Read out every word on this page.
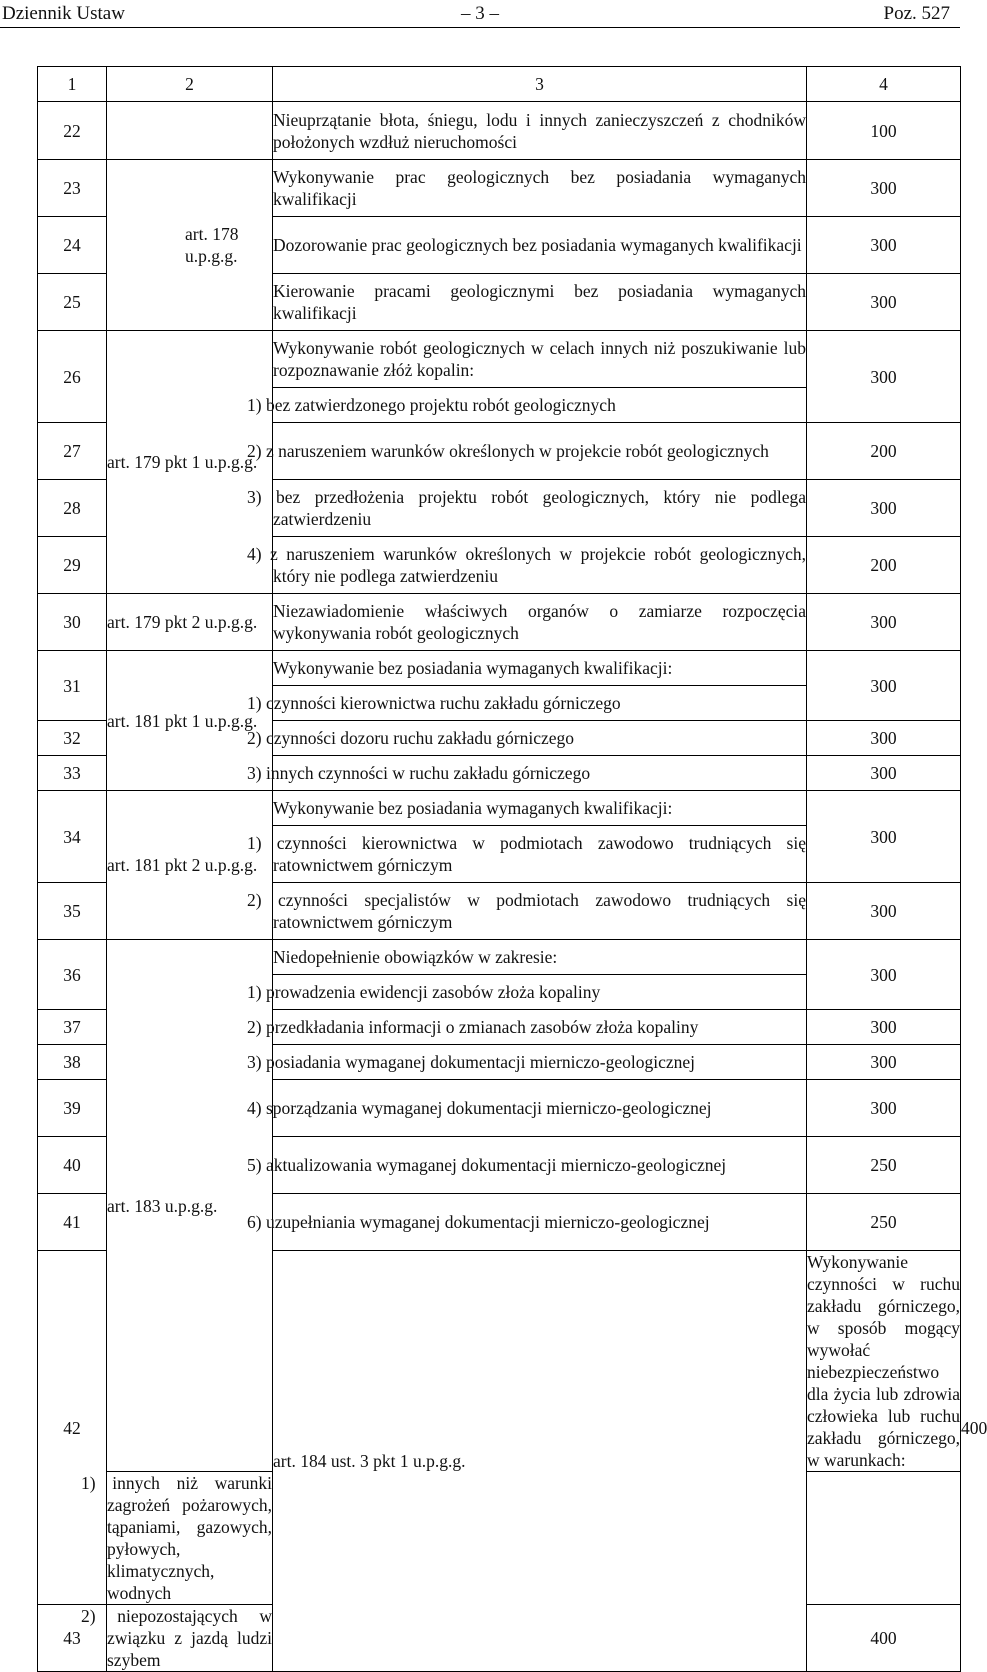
Dziennik Ustaw	– 3 –	Poz. 527
1	2	3	4	
22		Nieuprzątanie błota, śniegu, lodu i innych zanieczyszczeń z chodników położonych wzdłuż nieruchomości	100	
23	art. 178 u.p.g.g.	Wykonywanie prac geologicznych bez posiadania wymaganych kwalifikacji	300	
24		Dozorowanie prac geologicznych bez posiadania wymaganych kwalifikacji	300	
25		Kierowanie pracami geologicznymi bez posiadania wymaganych kwalifikacji	300	
26	art. 179 pkt 1 u.p.g.g.	Wykonywanie robót geologicznych w celach innych niż poszukiwanie lub rozpoznawanie złóż kopalin:	300	
		1) bez zatwierdzonego projektu robót geologicznych		
27		2) z naruszeniem warunków określonych w projekcie robót geologicznych	200	
28		3) bez przedłożenia projektu robót geologicznych, który nie podlega zatwierdzeniu	300	
29		4) z naruszeniem warunków określonych w projekcie robót geologicznych, który nie podlega zatwierdzeniu	200	
30	art. 179 pkt 2 u.p.g.g.	Niezawiadomienie właściwych organów o zamiarze rozpoczęcia wykonywania robót geologicznych	300	
31	art. 181 pkt 1 u.p.g.g.	Wykonywanie bez posiadania wymaganych kwalifikacji:	300	
		1) czynności kierownictwa ruchu zakładu górniczego		
32		2) czynności dozoru ruchu zakładu górniczego	300	
33		3) innych czynności w ruchu zakładu górniczego	300	
34	art. 181 pkt 2 u.p.g.g.	Wykonywanie bez posiadania wymaganych kwalifikacji:	300	
		1) czynności kierownictwa w podmiotach zawodowo trudniących się ratownictwem górniczym		
35		2) czynności specjalistów w podmiotach zawodowo trudniących się ratownictwem górniczym	300	
36	art. 183 u.p.g.g.	Niedopełnienie obowiązków w zakresie:	300	
		1) prowadzenia ewidencji zasobów złoża kopaliny		
37		2) przedkładania informacji o zmianach zasobów złoża kopaliny	300	
38		3) posiadania wymaganej dokumentacji mierniczo-geologicznej	300	
39		4) sporządzania wymaganej dokumentacji mierniczo-geologicznej	300	
40		5) aktualizowania wymaganej dokumentacji mierniczo-geologicznej	250	
41		6) uzupełniania wymaganej dokumentacji mierniczo-geologicznej	250	
42		art. 184 ust. 3 pkt 1 u.p.g.g.	Wykonywanie czynności w ruchu zakładu górniczego, w sposób mogący wywołać niebezpieczeństwo dla życia lub zdrowia człowieka lub ruchu zakładu górniczego, w warunkach:	400
	1) innych niż warunki zagrożeń pożarowych, tąpaniami, gazowych, pyłowych, klimatycznych, wodnych			
43	2) niepozostających w związku z jazdą ludzi szybem		400	
